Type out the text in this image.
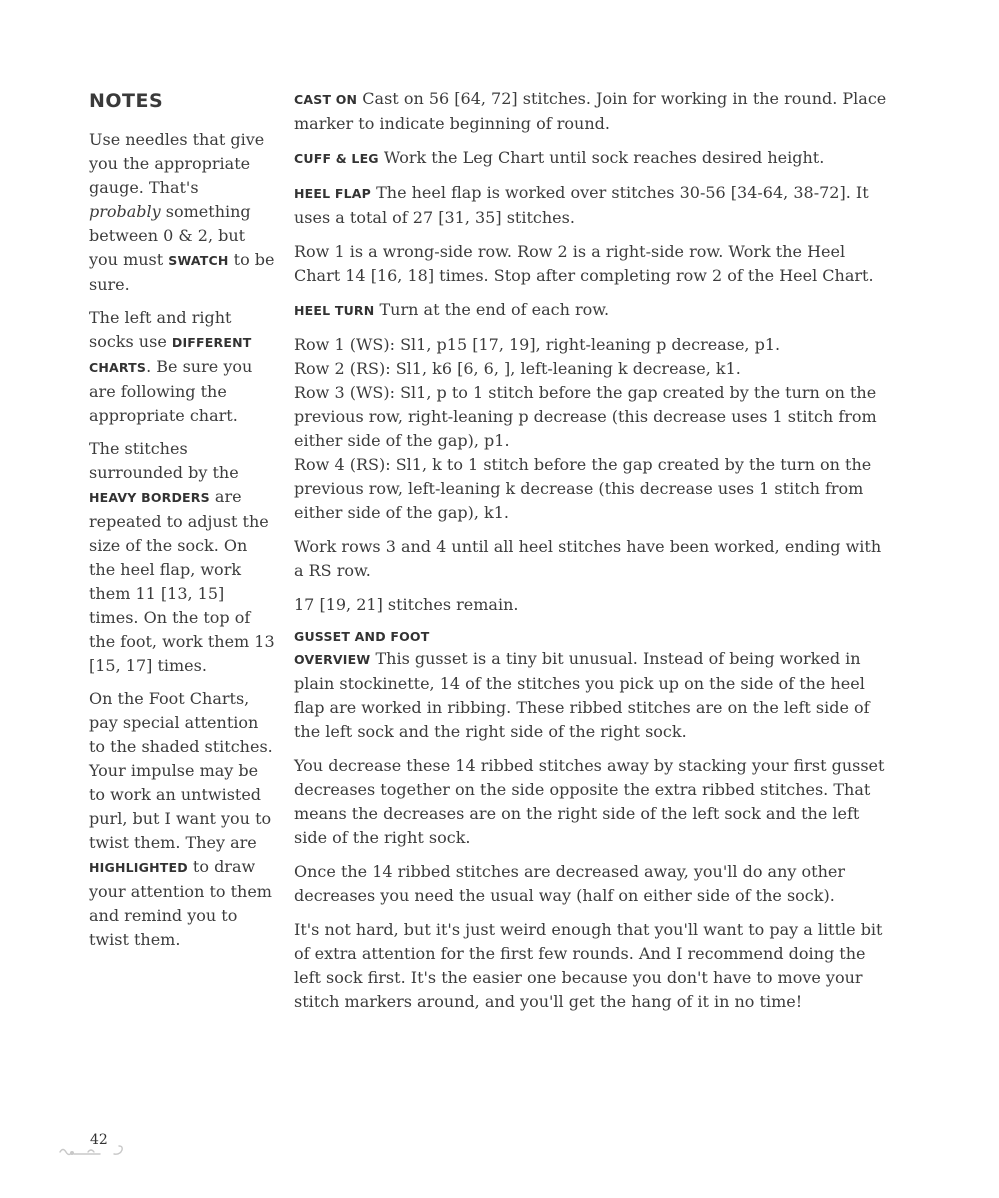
NOTES

Use needles that give you the appropriate gauge. That's probably something between 0 & 2, but you must SWATCH to be sure.

The left and right socks use DIFFERENT CHARTS. Be sure you are following the appropriate chart.

The stitches surrounded by the HEAVY BORDERS are repeated to adjust the size of the sock. On the heel flap, work them 11 [13, 15] times. On the top of the foot, work them 13 [15, 17] times.

On the Foot Charts, pay special attention to the shaded stitches. Your impulse may be to work an untwisted purl, but I want you to twist them. They are HIGHLIGHTED to draw your attention to them and remind you to twist them.

CAST ON Cast on 56 [64, 72] stitches. Join for working in the round. Place marker to indicate beginning of round.

CUFF & LEG Work the Leg Chart until sock reaches desired height.

HEEL FLAP The heel flap is worked over stitches 30-56 [34-64, 38-72]. It uses a total of 27 [31, 35] stitches.

Row 1 is a wrong-side row. Row 2 is a right-side row. Work the Heel Chart 14 [16, 18] times. Stop after completing row 2 of the Heel Chart.

HEEL TURN Turn at the end of each row.

Row 1 (WS): Sl1, p15 [17, 19], right-leaning p decrease, p1.

Row 2 (RS): Sl1, k6 [6, 6, ], left-leaning k decrease, k1.

Row 3 (WS): Sl1, p to 1 stitch before the gap created by the turn on the previous row, right-leaning p decrease (this decrease uses 1 stitch from either side of the gap), p1.

Row 4 (RS): Sl1, k to 1 stitch before the gap created by the turn on the previous row, left-leaning k decrease (this decrease uses 1 stitch from either side of the gap), k1.

Work rows 3 and 4 until all heel stitches have been worked, ending with a RS row.

17 [19, 21] stitches remain.

GUSSET AND FOOT

OVERVIEW This gusset is a tiny bit unusual. Instead of being worked in plain stockinette, 14 of the stitches you pick up on the side of the heel flap are worked in ribbing. These ribbed stitches are on the left side of the left sock and the right side of the right sock.

You decrease these 14 ribbed stitches away by stacking your first gusset decreases together on the side opposite the extra ribbed stitches. That means the decreases are on the right side of the left sock and the left side of the right sock.

Once the 14 ribbed stitches are decreased away, you'll do any other decreases you need the usual way (half on either side of the sock).

It's not hard, but it's just weird enough that you'll want to pay a little bit of extra attention for the first few rounds. And I recommend doing the left sock first. It's the easier one because you don't have to move your stitch markers around, and you'll get the hang of it in no time!

42
